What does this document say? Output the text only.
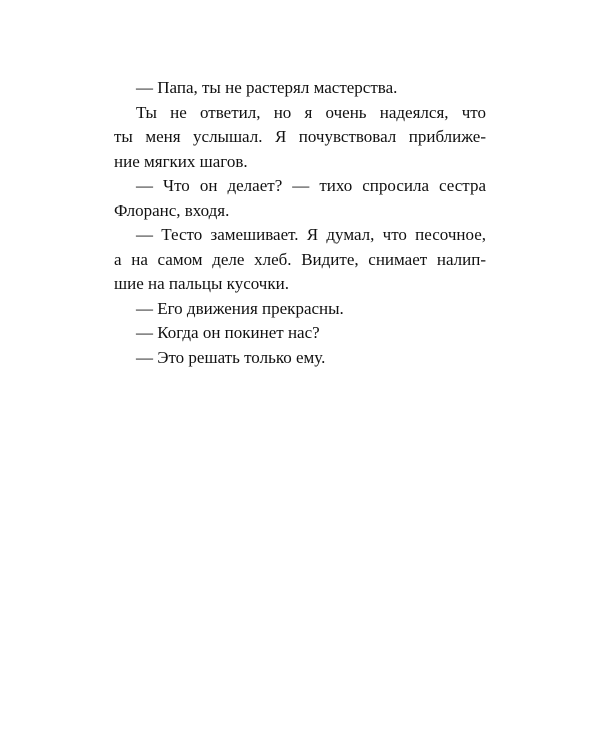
— Папа, ты не растерял мастерства.
Ты не ответил, но я очень надеялся, что
ты меня услышал. Я почувствовал приближе-
ние мягких шагов.
— Что он делает? — тихо спросила сестра
Флоранс, входя.
— Тесто замешивает. Я думал, что песочное,
а на самом деле хлеб. Видите, снимает налип-
шие на пальцы кусочки.
— Его движения прекрасны.
— Когда он покинет нас?
— Это решать только ему.
